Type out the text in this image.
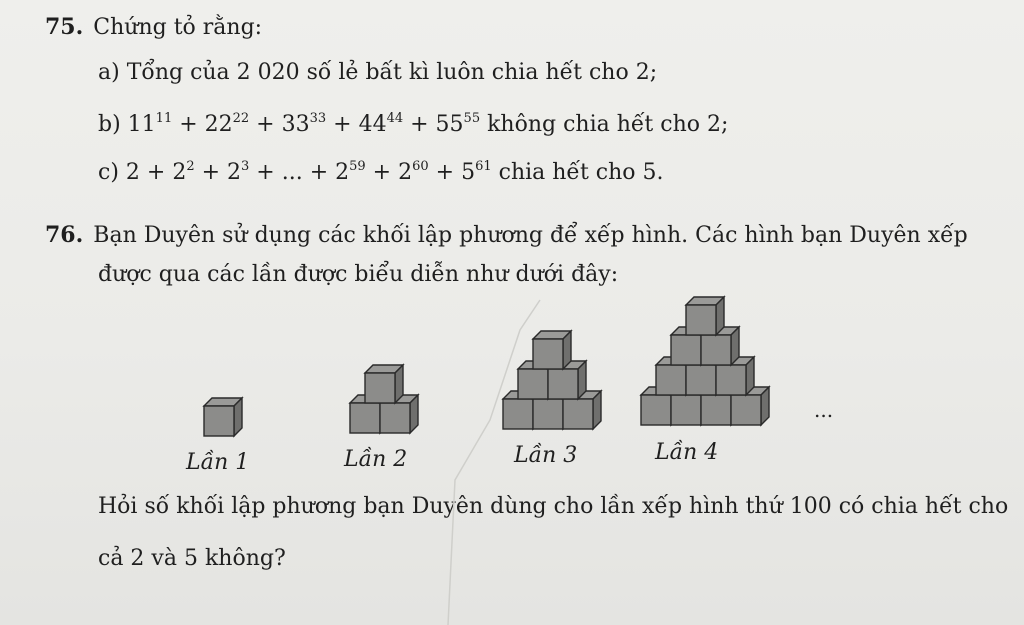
75. Chứng tỏ rằng:
a) Tổng của 2 020 số lẻ bất kì luôn chia hết cho 2;
b) $11^{11} + 22^{22} + 33^{33} + 44^{44} + 55^{55}$ không chia hết cho 2;
c) $2 + 2^2 + 2^3$ + ... + $2^{59} + 2^{60} + 5^{61}$ chia hết cho 5.
76. Bạn Duyên sử dụng các khối lập phương để xếp hình. Các hình bạn Duyên xếp
được qua các lần được biểu diễn như dưới đây:
Lần 1	Lần 2	Lần 3	Lần 4
...
Hỏi số khối lập phương bạn Duyên dùng cho lần xếp hình thứ 100 có chia hết cho
cả 2 và 5 không?
